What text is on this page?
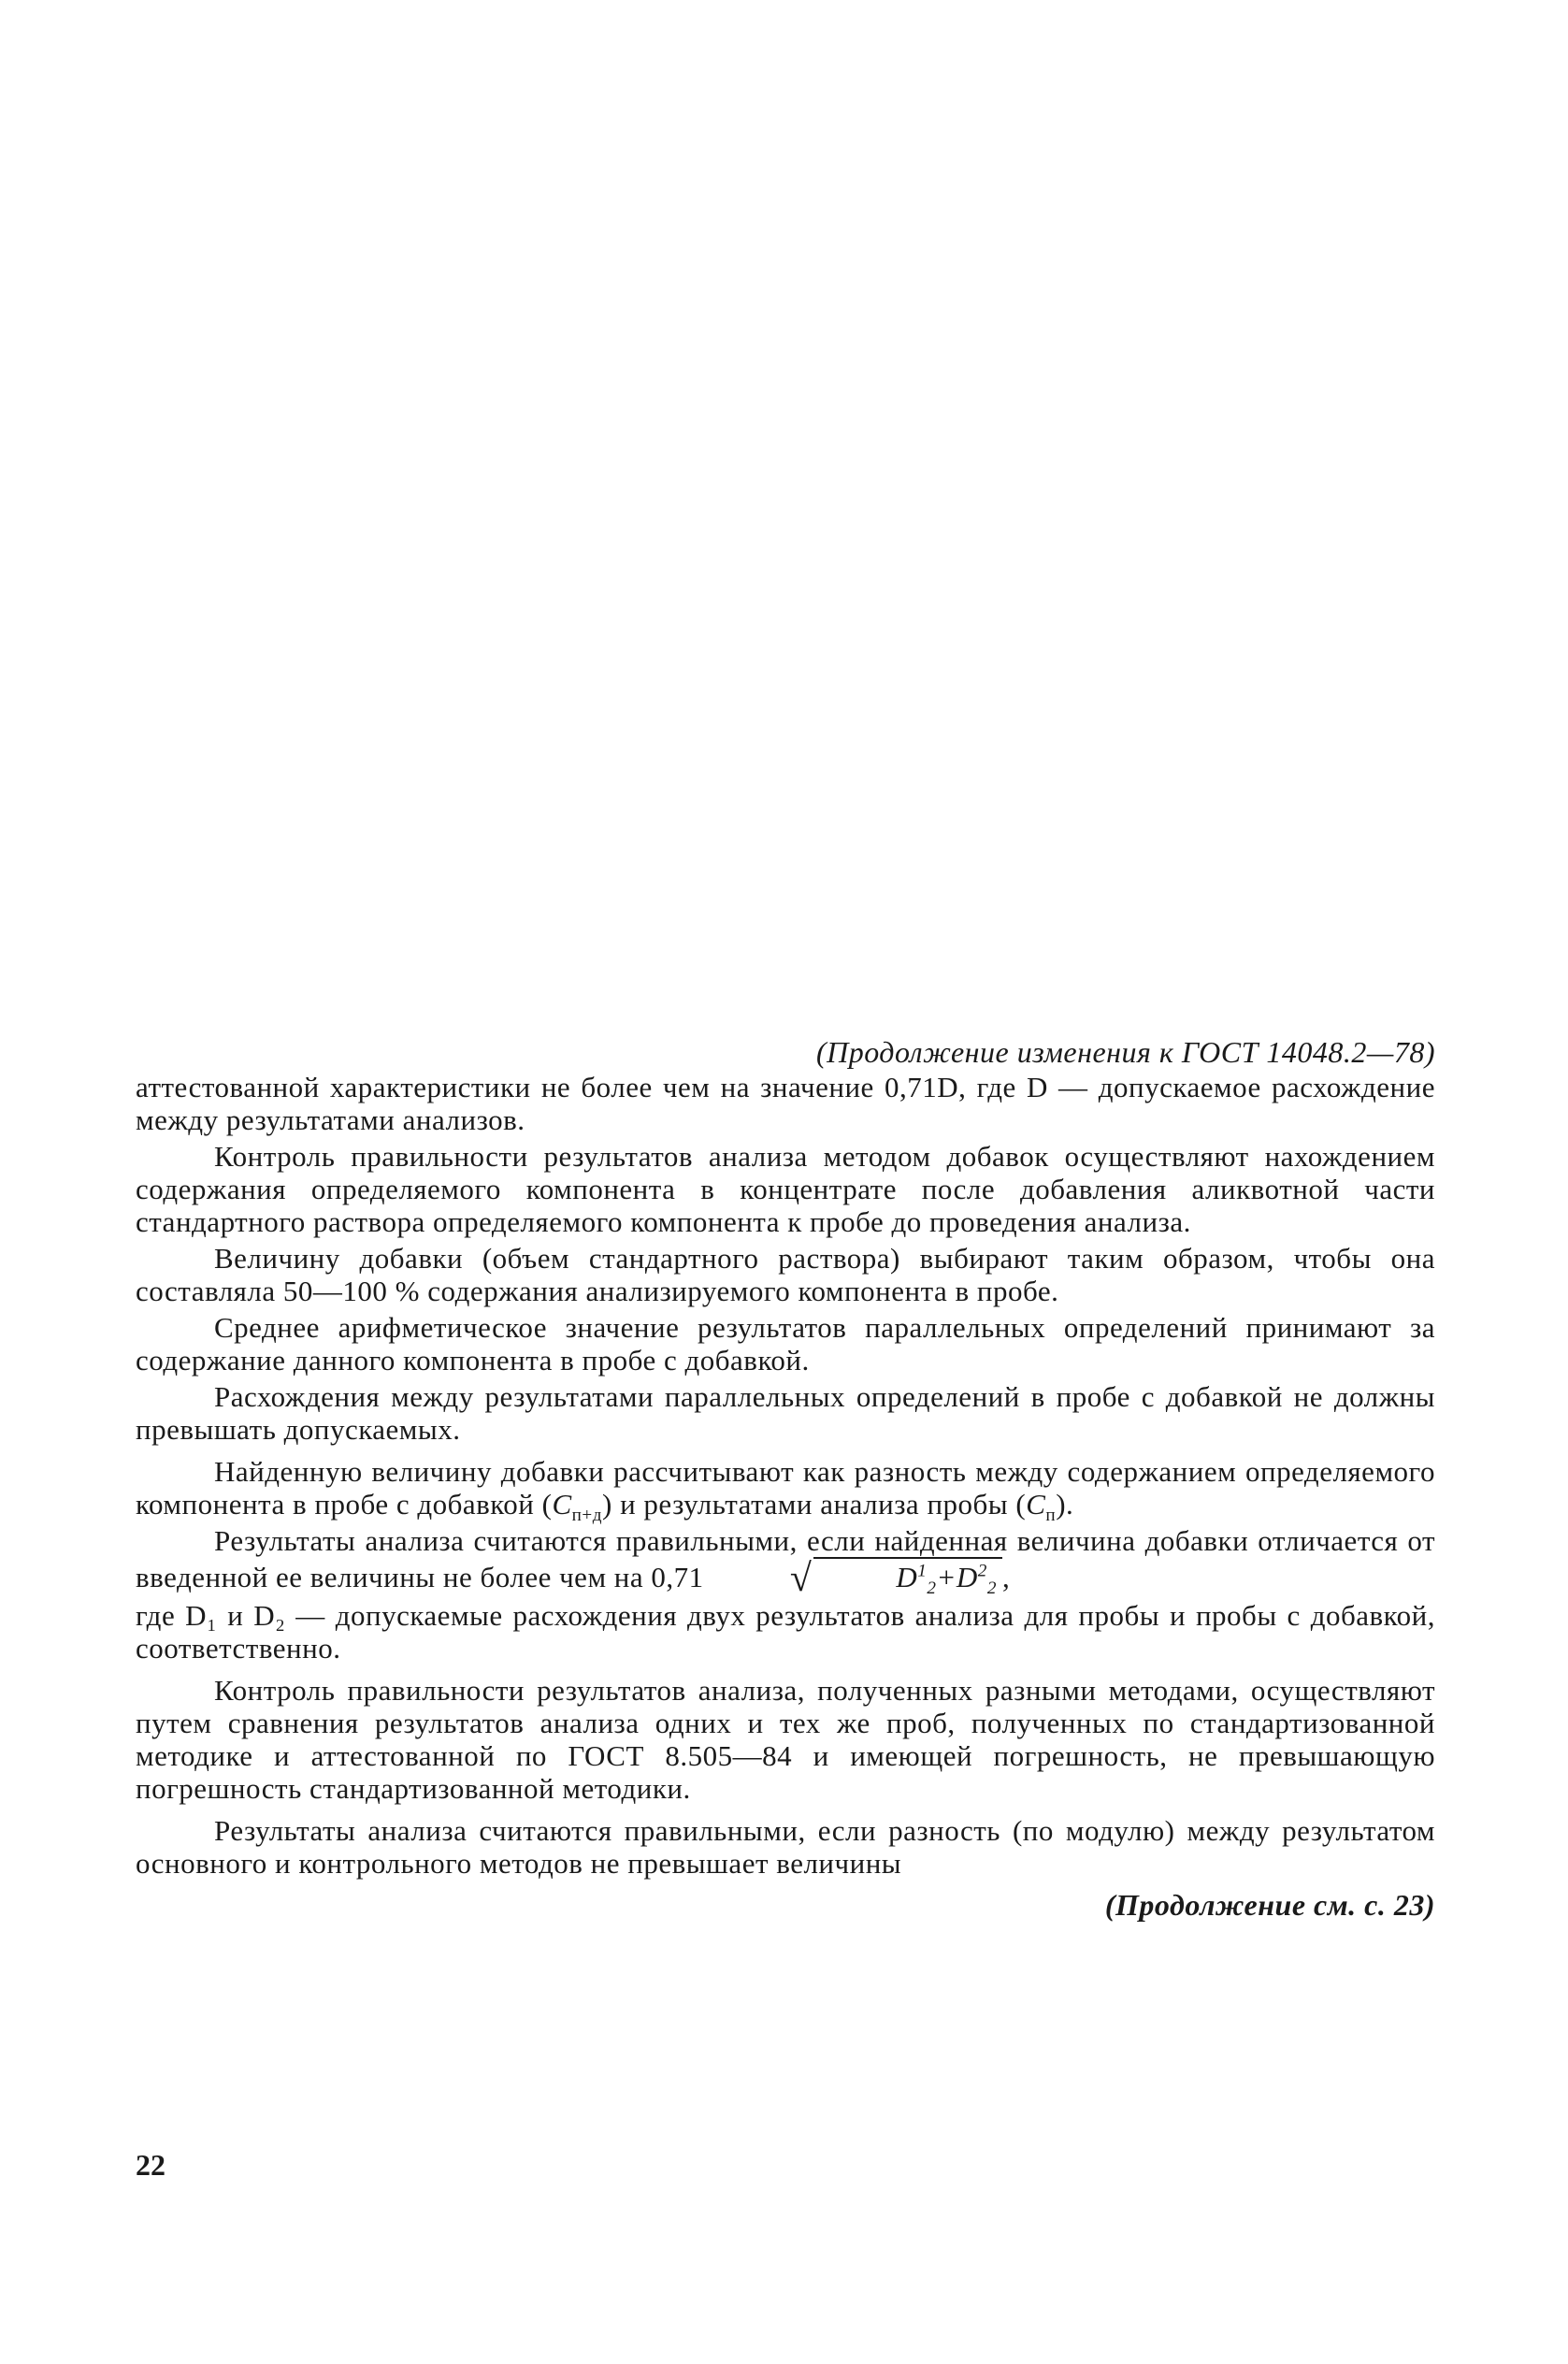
(Продолжение изменения к ГОСТ 14048.2—78)

аттестованной характеристики не более чем на значение 0,71D, где D — допускаемое расхождение между результатами анализов.

Контроль правильности результатов анализа методом добавок осуществляют нахождением содержания определяемого компонента в концентрате после добавления аликвотной части стандартного раствора определяемого компонента к пробе до проведения анализа.

Величину добавки (объем стандартного раствора) выбирают таким образом, чтобы она составляла 50—100 % содержания анализируемого компонента в пробе.

Среднее арифметическое значение результатов параллельных определений принимают за содержание данного компонента в пробе с добавкой.

Расхождения между результатами параллельных определений в пробе с добавкой не должны превышать допускаемых.

Найденную величину добавки рассчитывают как разность между содержанием определяемого компонента в пробе с добавкой $(C_{п+д})$ и результатами анализа пробы $(C_п)$.

Результаты анализа считаются правильными, если найденная величина добавки отличается от введенной ее величины не более чем на 0,71 √	$D^1_2+D^2_2$ ,

где D₁ и D₂ — допускаемые расхождения двух результатов анализа для пробы и пробы с добавкой, соответственно.

Контроль правильности результатов анализа, полученных разными методами, осуществляют путем сравнения результатов анализа одних и тех же проб, полученных по стандартизованной методике и аттестованной по ГОСТ 8.505—84 и имеющей погрешность, не превышающую погрешность стандартизованной методики.

Результаты анализа считаются правильными, если разность (по модулю) между результатом основного и контрольного методов не превышает величины

(Продолжение см. с. 23)
22
